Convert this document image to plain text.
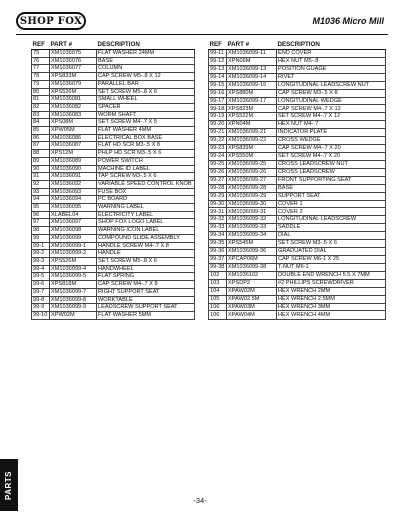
SHOP FOX	M1036 Micro Mill
REF	PART #	DESCRIPTION
75	XM1036075	FLAT WASHER 24MM
76	XM1036076	BASE
77	XM1036077	COLUMN
78	XPS833M	CAP SCREW M5-.8 X 12
79	XM1036079	PARALLEL BAR
80	XPS526M	SET SCREW M5-.8 X 6
81	XM1036081	SMALL WHEEL
82	XM1036082	SPACER
83	XM1036083	WORM SHAFT
84	XPS08M	SET SCREW M4-.7 X 5
85	XPW05M	FLAT WASHER 4MM
86	XM1036086	ELECTRICAL BOX BASE
87	XM1036087	FLAT HD SCR M3-.5 X 8
88	XPS12M	PHLP HD SCR M3-.5 X 6
89	XM1036089	POWER SWITCH
90	XM1036090	MACHINE ID LABEL
91	XM1036091	TAP SCREW M3-.5 X 6
92	XM1036092	VARIABLE SPEED CONTROL KNOB
93	XM1036093	FUSE BOX
94	XM1036094	PC BOARD
95	XM1036095	WARNING LABEL
96	XLABEL04	ELECTRICITY LABEL
97	XM1036097	SHOP FOX LOGO LABEL
98	XM1036098	WARNING ICON LABEL
99	XM1036099	COMPOUND SLIDE ASSEMBLY
99-1	XM1036099-1	HANDLE SCREW M4-.7 X 8
99-2	XM1036099-2	HANDLE
99-3	XPS526M	SET SCREW M5-.8 X 6
99-4	XM1036099-4	HANDWHEEL
99-5	XM1036099-5	FLAT SPRING
99-6	XPS818M	CAP SCREW M4-.7 X 8
99-7	XM1036099-7	RIGHT SUPPORT SEAT
99-8	XM1036099-8	WORKTABLE
99-9	XM1036099-9	LEADSCREW SUPPORT SEAT
99-10	XPW02M	FLAT WASHER 5MM
REF	PART #	DESCRIPTION
99-11	XM1036099-11	END COVER
99-12	XPN06M	HEX NUT M5-.8
99-13	XM1036099-13	POSITION GUAGE
99-14	XM1036099-14	RIVET
99-15	XM1036099-15	LONGITUDINAL LEADSCREW NUT
99-16	XPS880M	CAP SCREW M3-.5 X 8
99-17	XM1036099-17	LONGITUDINAL WEDGE
99-18	XPS823M	CAP SCREW M4-.7 X 12
99-19	XPS522M	SET SCREW M4-.7 X 12
99-20	XPN04M	HEX NUT M4-.7
99-21	XM1036099-21	INDICATOR PLATE
99-22	XM1036099-22	CROSS WEDGE
99-23	XPS839M	CAP SCREW M4-.7 X 20
99-24	XPS550M	SET SCREW M4-.7 X 20
99-25	XM1036099-25	CROSS LEADSCREW NUT
99-26	XM1036099-26	CROSS LEADSCREW
99-27	XM1036099-27	FRONT SUPPORTING SEAT
99-28	XM1036099-28	BASE
99-29	XM1036099-29	SUPPORT SEAT
99-30	XM1036099-30	COVER 1
99-31	XM1036099-31	COVER 2
99-32	XM1036099-32	LONGITUDINAL LEADSCREW
99-33	XM1036099-33	SADDLE
99-34	XM1036099-34	DIAL
99-35	XPS545M	SET SCREW M3-.5 X 6
99-36	XM1036099-36	GRADUATED DIAL
99-37	XPCAP06M	CAP SCREW M6-1 X 25
99-38	XM1036099-38	T-NUT M6-1
102	XM1036102	DOUBLE END WRENCH 5.5 X 7MM
103	XPSDP2	#2 PHILLIPS SCREWDRIVER
104	XPAW02M	HEX WRENCH 2MM
105	XPAW02.5M	HEX WRENCH 2.5MM
106	XPAW03M	HEX WRENCH 3MM
106	XPAW04M	HEX WRENCH 4MM
PARTS
-34-
